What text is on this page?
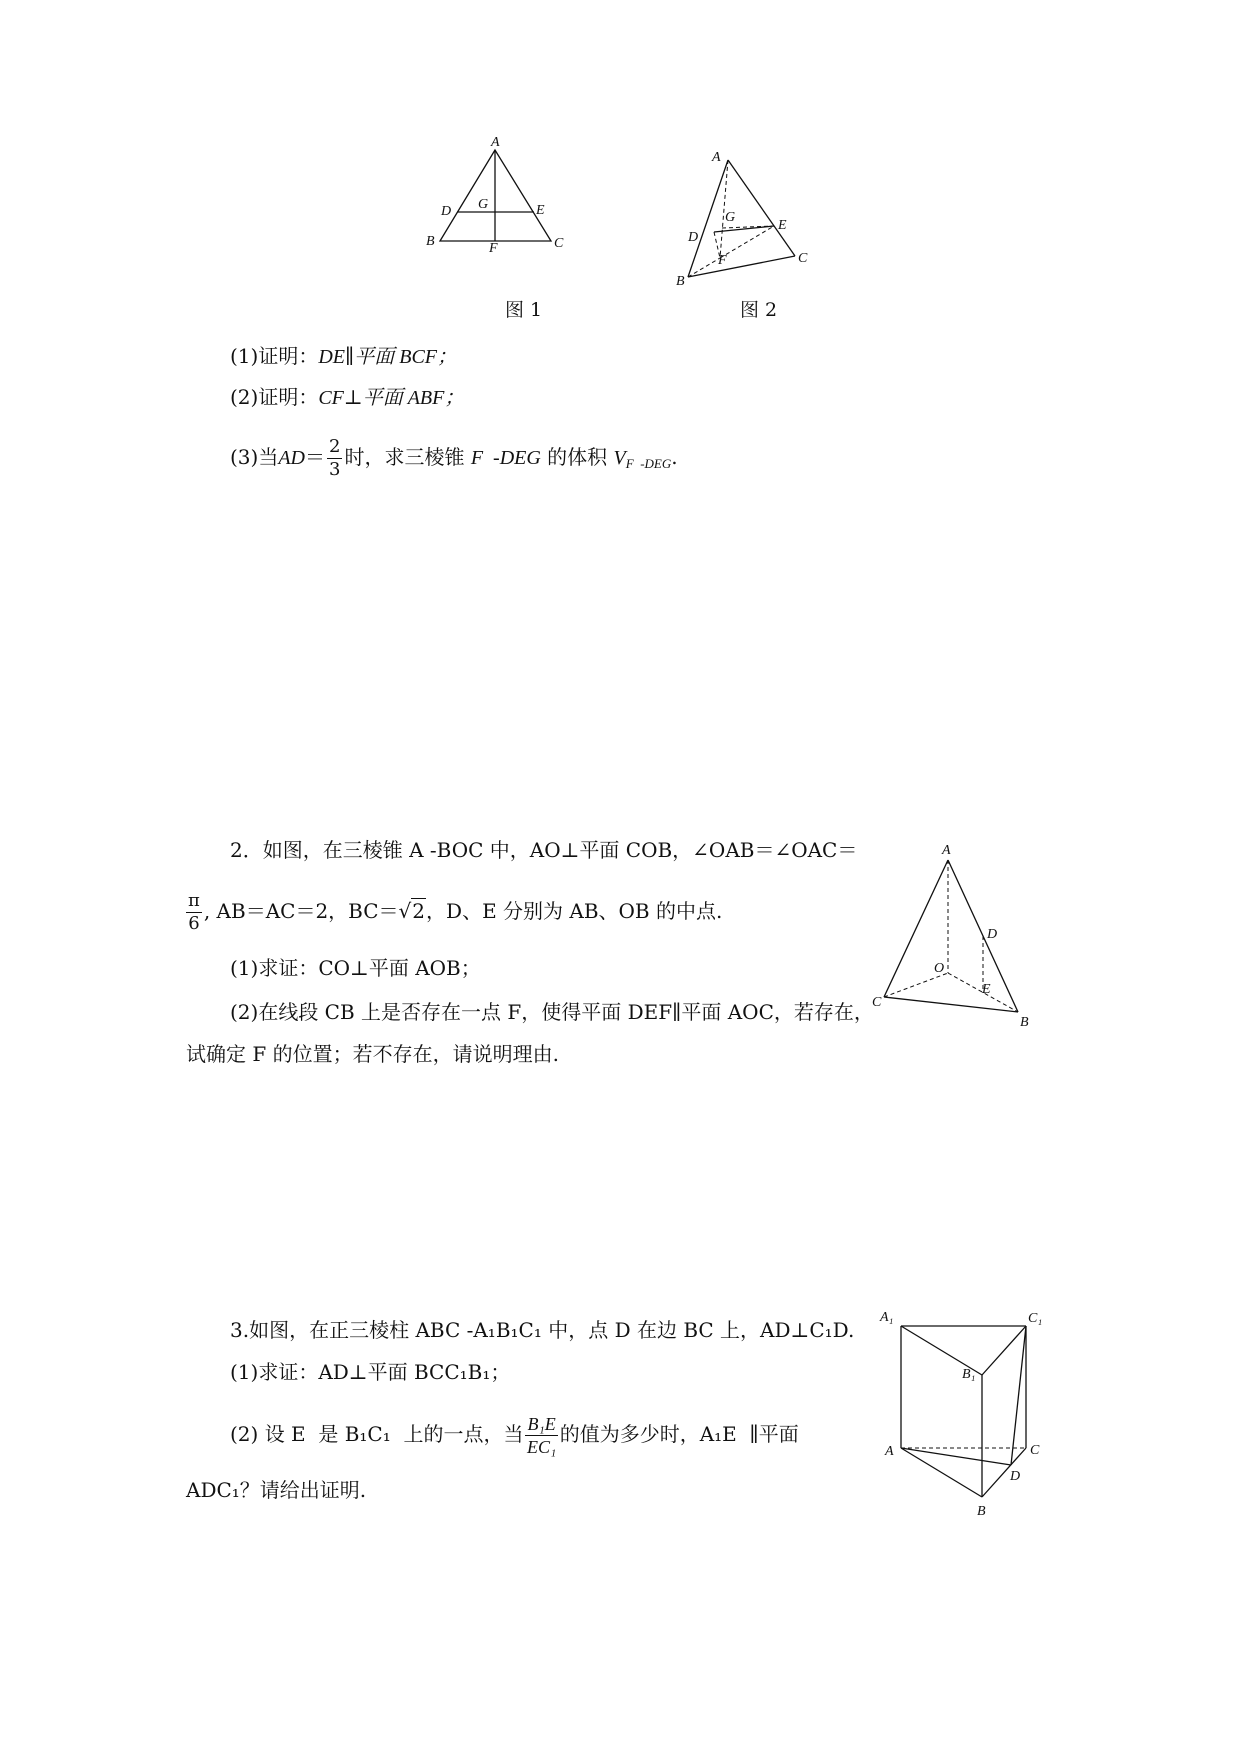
A
B	C
D	E
F
G
图 1
A
B
C
D
E
F
G
图 2
(1)证明：DE∥平面 BCF；
(2)证明：CF⊥平面 ABF；
(3)当$AD= \frac{2}{3}$ 时，求三棱锥 F  -DEG 的体积 $V_{F -DEG}$.
2．如图，在三棱锥 A -BOC 中，AO⊥平面 COB，∠OAB＝∠OAC＝
$\frac{\pi}{6}$ , AB＝AC＝2，BC＝√2，D、E 分别为 AB、OB 的中点.
(1)求证：CO⊥平面 AOB；
(2)在线段 CB 上是否存在一点 F，使得平面 DEF∥平面 AOC，若存在，
试确定 F 的位置；若不存在，请说明理由.
A
B
C
D
E
O
3.如图，在正三棱柱 ABC -A₁B₁C₁ 中，点 D 在边 BC 上，AD⊥C₁D.
(1)求证：AD⊥平面 BCC₁B₁；
(2) 设 E  是 B₁C₁  上的一点，当 $\frac{\text{B₁E}}{\text{EC₁}}$ 的值为多少时，A₁E  ∥平面
ADC₁？请给出证明.
A₁	C₁
B₁
A	C
D
B
